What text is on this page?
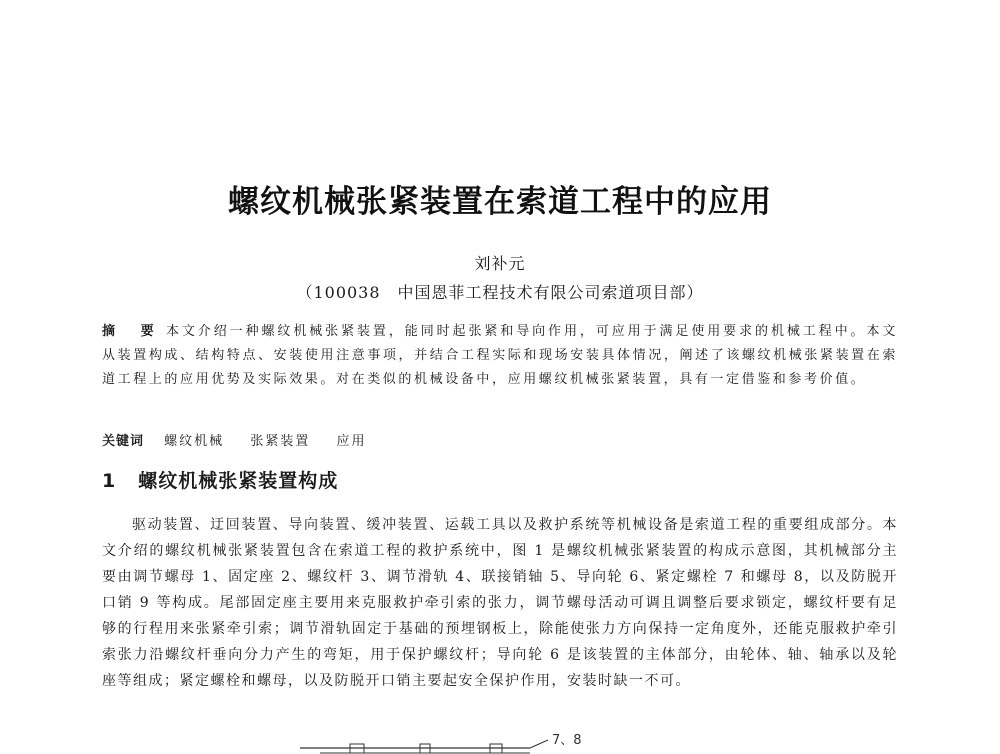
螺纹机械张紧装置在索道工程中的应用
刘补元
（100038　中国恩菲工程技术有限公司索道项目部）
摘　要 本文介绍一种螺纹机械张紧装置，能同时起张紧和导向作用，可应用于满足使用要求的机械工程中。本文从装置构成、结构特点、安装使用注意事项，并结合工程实际和现场安装具体情况，阐述了该螺纹机械张紧装置在索道工程上的应用优势及实际效果。对在类似的机械设备中，应用螺纹机械张紧装置，具有一定借鉴和参考价值。
关键词 螺纹机械 张紧装置 应用
1 螺纹机械张紧装置构成
驱动装置、迂回装置、导向装置、缓冲装置、运载工具以及救护系统等机械设备是索道工程的重要组成部分。本文介绍的螺纹机械张紧装置包含在索道工程的救护系统中，图 1 是螺纹机械张紧装置的构成示意图，其机械部分主要由调节螺母 1、固定座 2、螺纹杆 3、调节滑轨 4、联接销轴 5、导向轮 6、紧定螺栓 7 和螺母 8，以及防脱开口销 9 等构成。尾部固定座主要用来克服救护牵引索的张力，调节螺母活动可调且调整后要求锁定，螺纹杆要有足够的行程用来张紧牵引索；调节滑轨固定于基础的预埋钢板上，除能使张力方向保持一定角度外，还能克服救护牵引索张力沿螺纹杆垂向分力产生的弯矩，用于保护螺纹杆；导向轮 6 是该装置的主体部分，由轮体、轴、轴承以及轮座等组成；紧定螺栓和螺母，以及防脱开口销主要起安全保护作用，安装时缺一不可。
7、8
